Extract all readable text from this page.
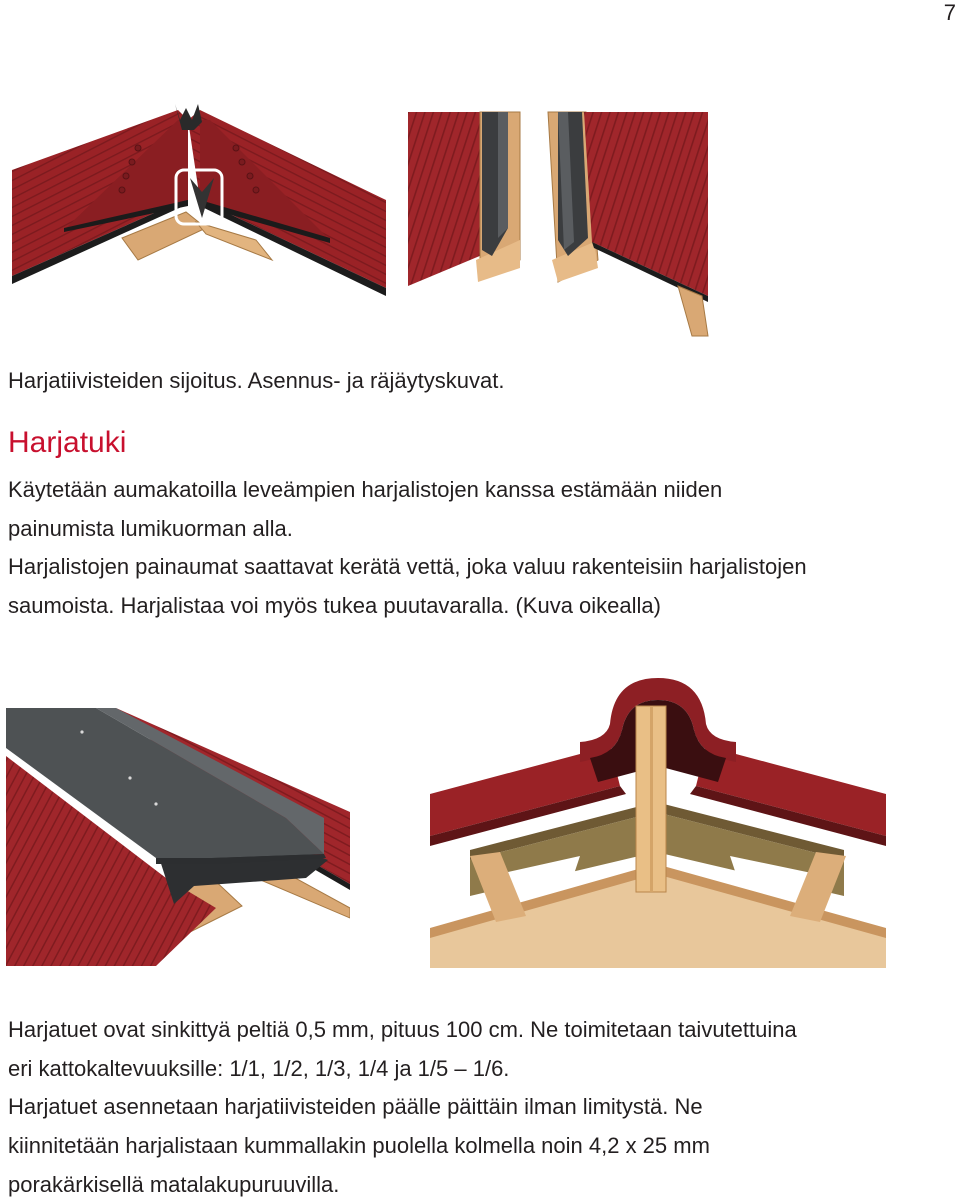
7
Harjatiivisteiden sijoitus. Asennus- ja räjäytyskuvat.
Harjatuki
Käytetään aumakatoilla leveämpien harjalistojen kanssa estämään niiden
painumista lumikuorman alla.
Harjalistojen painaumat saattavat kerätä vettä, joka valuu rakenteisiin harjalistojen
saumoista. Harjalistaa voi myös tukea puutavaralla. (Kuva oikealla)
Harjatuet ovat sinkittyä peltiä 0,5 mm, pituus 100 cm. Ne toimitetaan taivutettuina
eri kattokaltevuuksille: 1/1, 1/2, 1/3, 1/4 ja 1/5 – 1/6.
Harjatuet asennetaan harjatiivisteiden päälle päittäin ilman limitystä. Ne
kiinnitetään harjalistaan kummallakin puolella kolmella noin 4,2 x 25 mm
porakärkisellä matalakupuruuvilla.
